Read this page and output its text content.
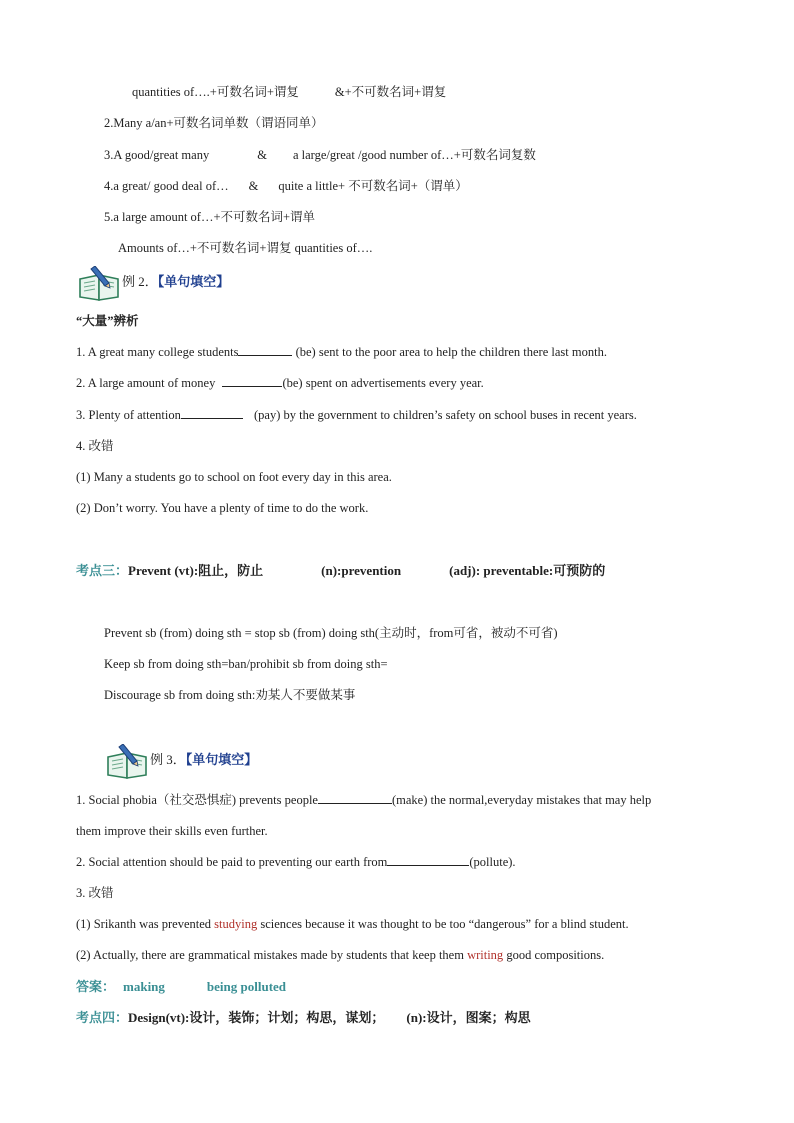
quantities of….+可数名词+谓复	&+不可数名词+谓复
2.Many a/an+可数名词单数（谓语同单）
3.A good/great many	& a large/great /good number of…+可数名词复数
4.a great/ good deal of… & quite a little+ 不可数名词+（谓单）
5.a large amount of…+不可数名词+谓单
Amounts of…+不可数名词+谓复 quantities of….
例 2．【单句填空】
“大量”辨析
1. A great many college students	(be) sent to the poor area to help the children there last month.
2. A large amount of money	(be) spent on advertisements every year.
3. Plenty of attention	(pay) by the government to children’s safety on school buses in recent years.
4. 改错
(1) Many a students go to school on foot every day in this area.
(2) Don’t worry. You have a plenty of time to do the work.
考点三：Prevent (vt):阻止，防止	(n):prevention	(adj): preventable:可预防的
Prevent sb (from) doing sth = stop sb (from) doing sth(主动时，from可省，被动不可省)
Keep sb from doing sth=ban/prohibit sb from doing sth=
Discourage sb from doing sth:劝某人不要做某事
例 3．【单句填空】
1. Social phobia（社交恐惧症) prevents people	(make) the normal,everyday mistakes that may help
them improve their skills even further.
2. Social attention should be paid to preventing our earth from	(pollute).
3. 改错
(1) Srikanth was prevented studying sciences because it was thought to be too “dangerous” for a blind student.
(2) Actually, there are grammatical mistakes made by students that keep them writing good compositions.
答案： making	being polluted
考点四：Design(vt):设计，装饰；计划；构思，谋划； (n):设计，图案；构思
